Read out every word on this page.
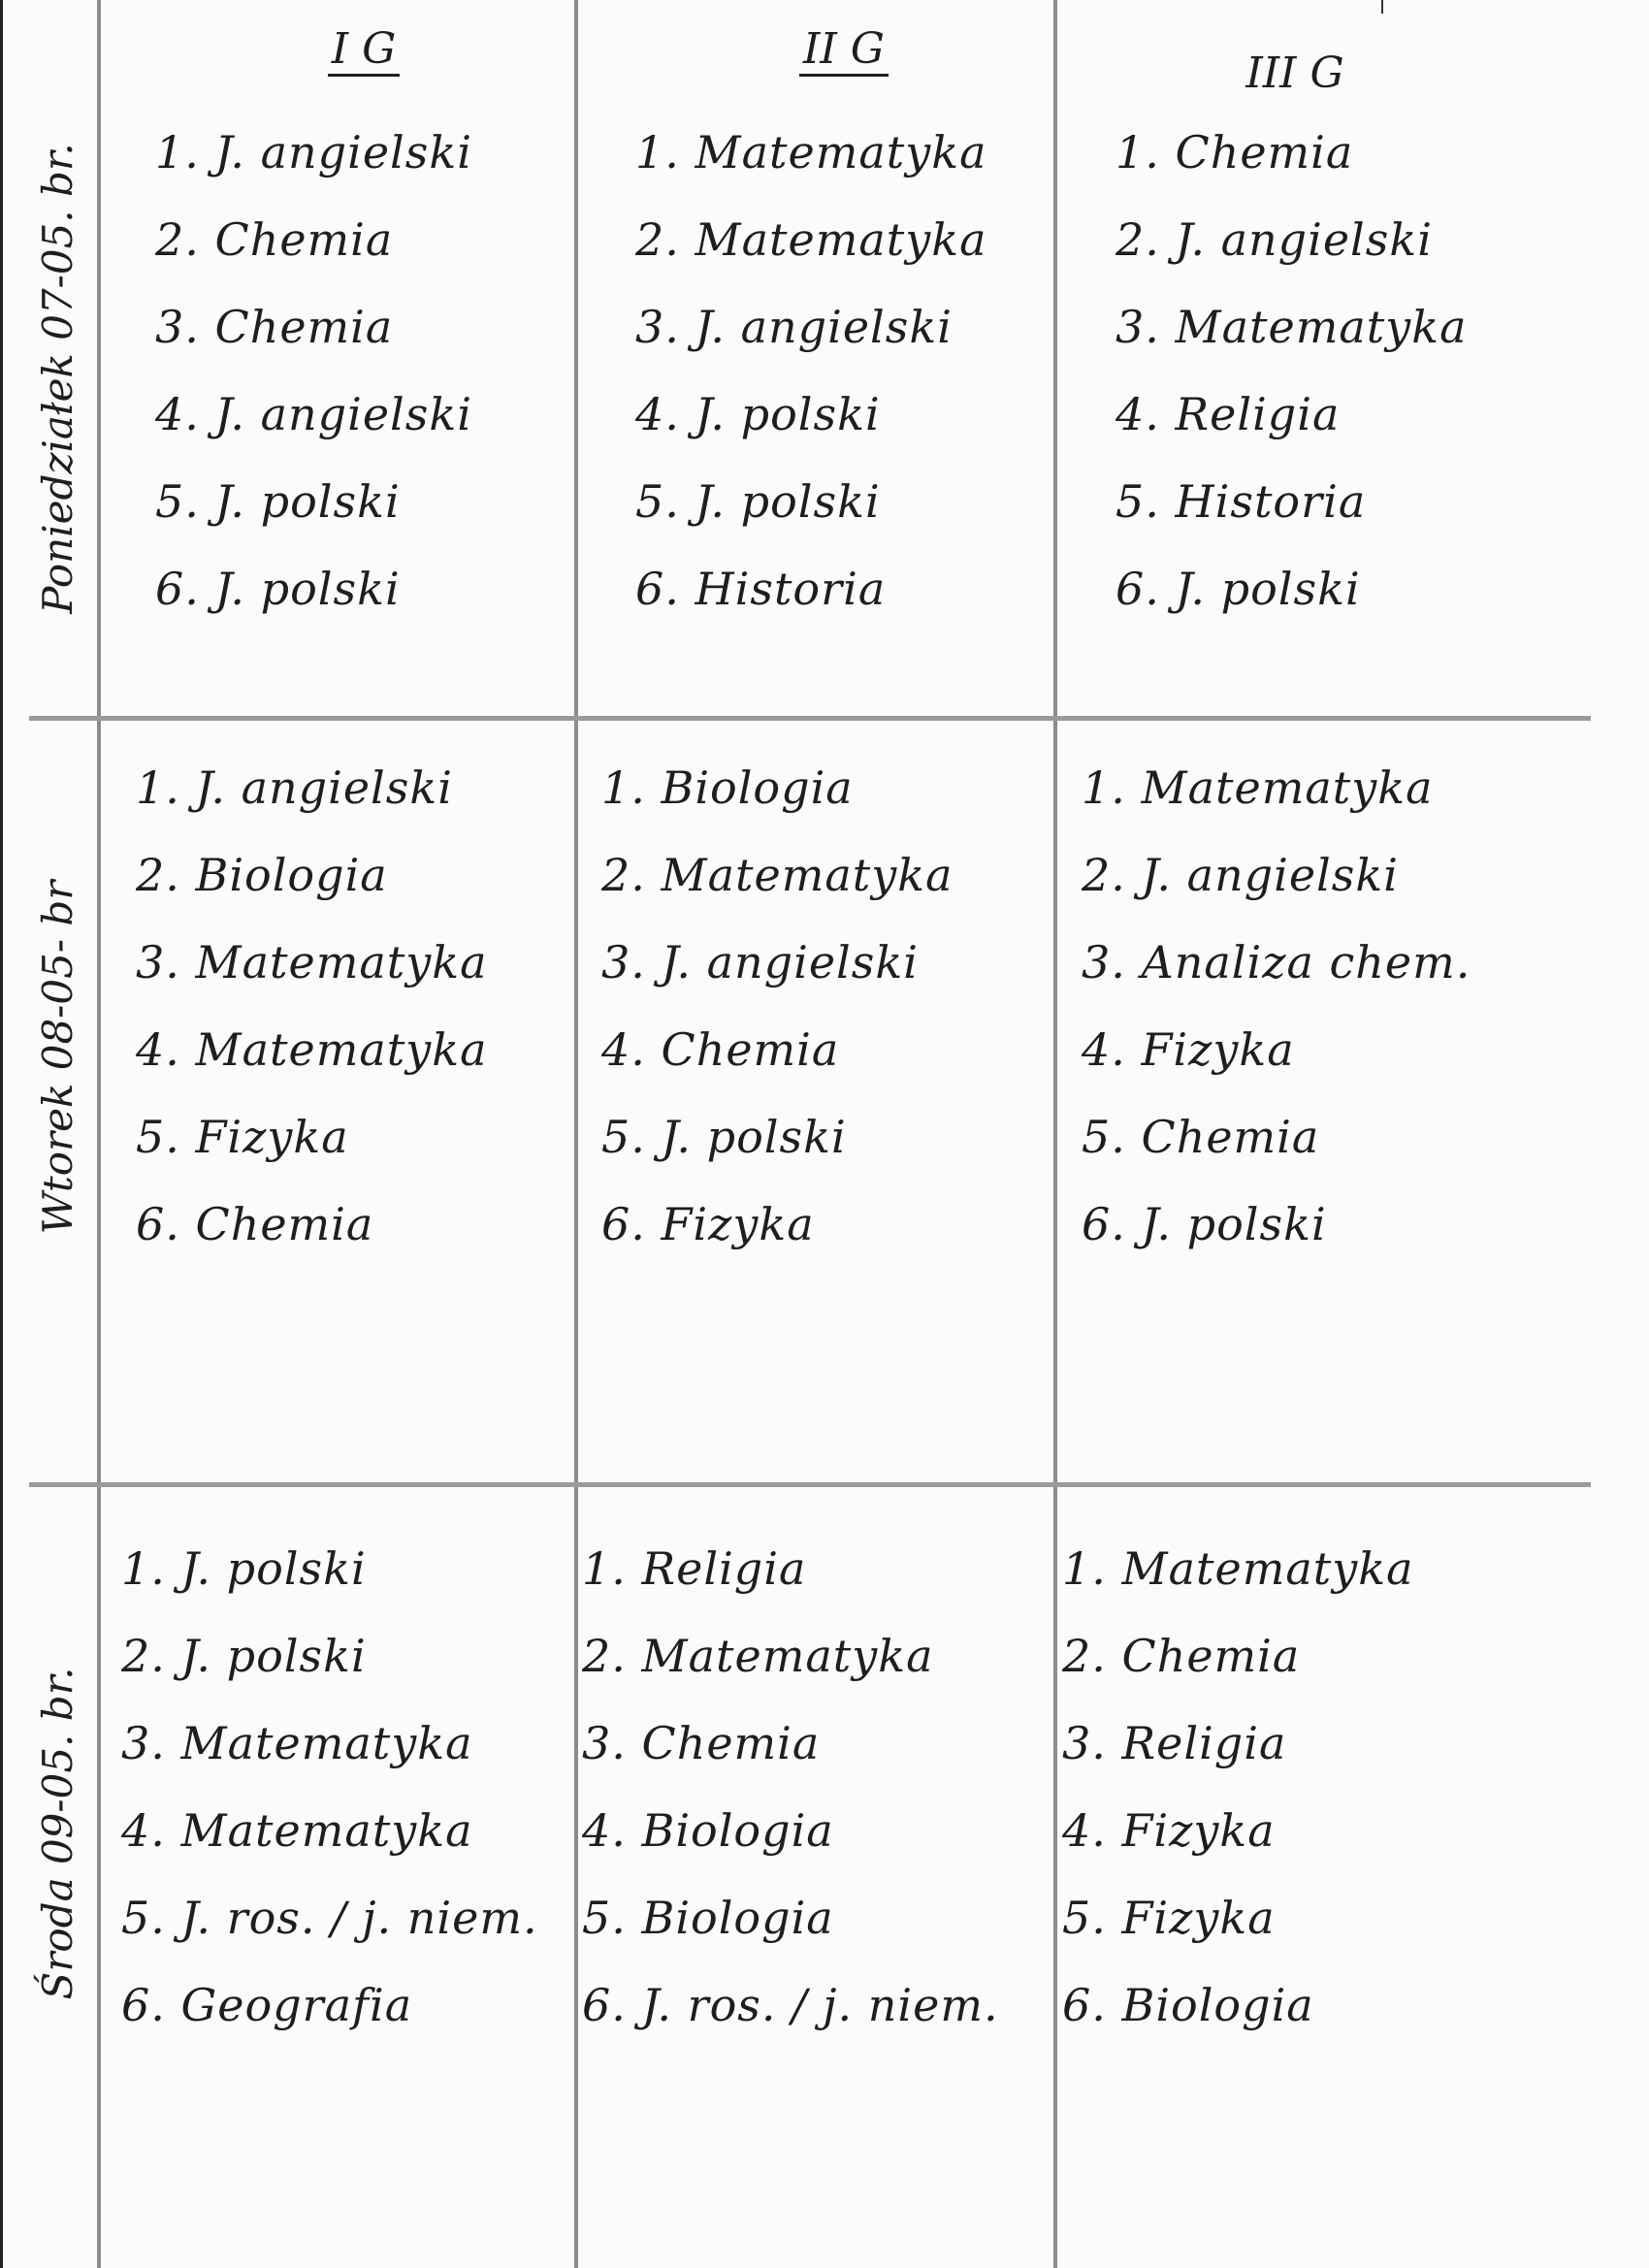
I G	II G	III G
Poniedziałek 07-05. br.
Wtorek 08-05- br
Środa 09-05. br.
1. J. angielski
2. Chemia
3. Chemia
4. J. angielski
5. J. polski
6. J. polski
1. Matematyka
2. Matematyka
3. J. angielski
4. J. polski
5. J. polski
6. Historia
1. Chemia
2. J. angielski
3. Matematyka
4. Religia
5. Historia
6. J. polski
1. J. angielski
2. Biologia
3. Matematyka
4. Matematyka
5. Fizyka
6. Chemia
1. Biologia
2. Matematyka
3. J. angielski
4. Chemia
5. J. polski
6. Fizyka
1. Matematyka
2. J. angielski
3. Analiza chem.
4. Fizyka
5. Chemia
6. J. polski
1. J. polski
2. J. polski
3. Matematyka
4. Matematyka
5. J. ros. / j. niem.
6. Geografia
1. Religia
2. Matematyka
3. Chemia
4. Biologia
5. Biologia
6. J. ros. / j. niem.
1. Matematyka
2. Chemia
3. Religia
4. Fizyka
5. Fizyka
6. Biologia
